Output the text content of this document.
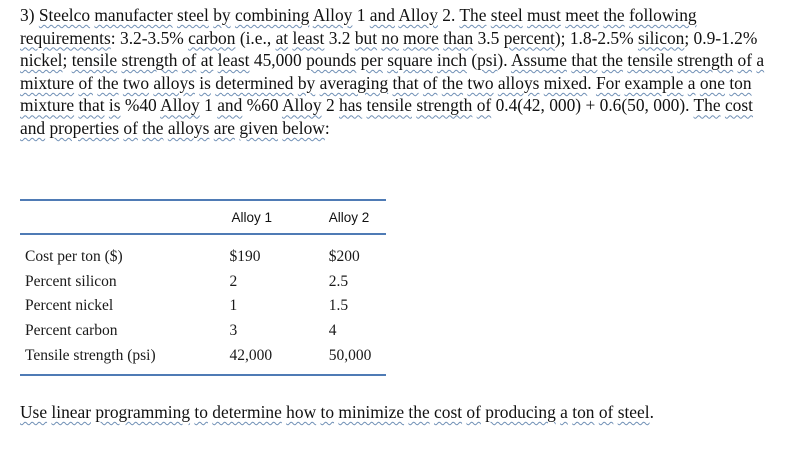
3) Steelco manufacter steel by combining Alloy 1 and Alloy 2. The steel must meet the following requirements: 3.2-3.5% carbon (i.e., at least 3.2 but no more than 3.5 percent); 1.8-2.5% silicon; 0.9-1.2% nickel; tensile strength of at least 45,000 pounds per square inch (psi). Assume that the tensile strength of a mixture of the two alloys is determined by averaging that of the two alloys mixed. For example a one ton mixture that is %40 Alloy 1 and %60 Alloy 2 has tensile strength of 0.4(42, 000) + 0.6(50, 000). The cost and properties of the alloys are given below:

	Alloy 1	Alloy 2
Cost per ton ($)	$190	$200
Percent silicon	2	2.5
Percent nickel	1	1.5
Percent carbon	3	4
Tensile strength (psi)	42,000	50,000

Use linear programming to determine how to minimize the cost of producing a ton of steel.
